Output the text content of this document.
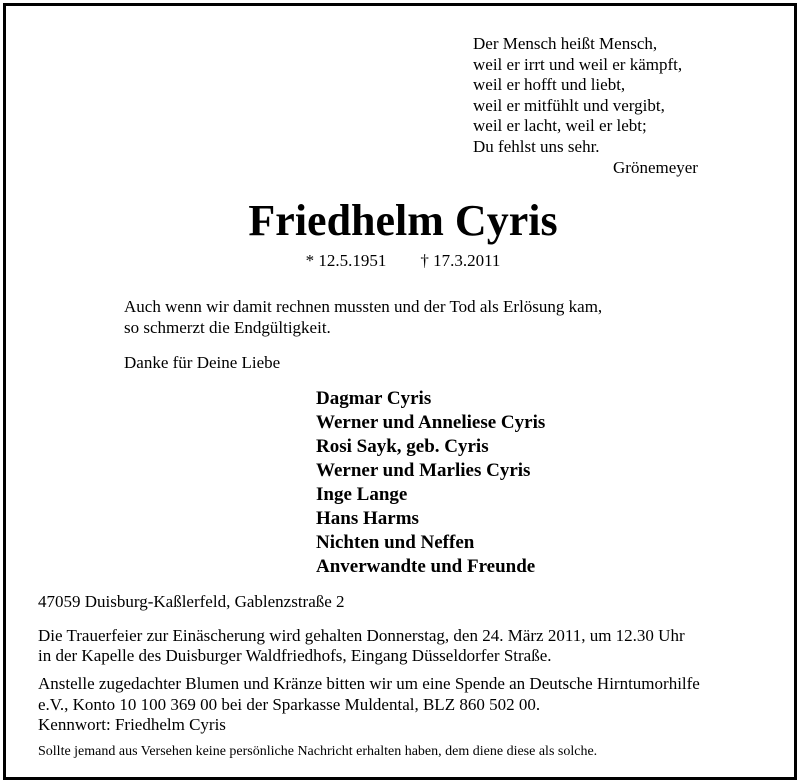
Der Mensch heißt Mensch,
weil er irrt und weil er kämpft,
weil er hofft und liebt,
weil er mitfühlt und vergibt,
weil er lacht, weil er lebt;
Du fehlst uns sehr.
Grönemeyer
Friedhelm Cyris
* 12.5.1951 † 17.3.2011
Auch wenn wir damit rechnen mussten und der Tod als Erlösung kam,
so schmerzt die Endgültigkeit.
Danke für Deine Liebe
Dagmar Cyris
Werner und Anneliese Cyris
Rosi Sayk, geb. Cyris
Werner und Marlies Cyris
Inge Lange
Hans Harms
Nichten und Neffen
Anverwandte und Freunde
47059 Duisburg-Kaßlerfeld, Gablenzstraße 2
Die Trauerfeier zur Einäscherung wird gehalten Donnerstag, den 24. März 2011, um 12.30 Uhr
in der Kapelle des Duisburger Waldfriedhofs, Eingang Düsseldorfer Straße.
Anstelle zugedachter Blumen und Kränze bitten wir um eine Spende an Deutsche Hirntumorhilfe
e.V., Konto 10 100 369 00 bei der Sparkasse Muldental, BLZ 860 502 00.
Kennwort: Friedhelm Cyris
Sollte jemand aus Versehen keine persönliche Nachricht erhalten haben, dem diene diese als solche.
